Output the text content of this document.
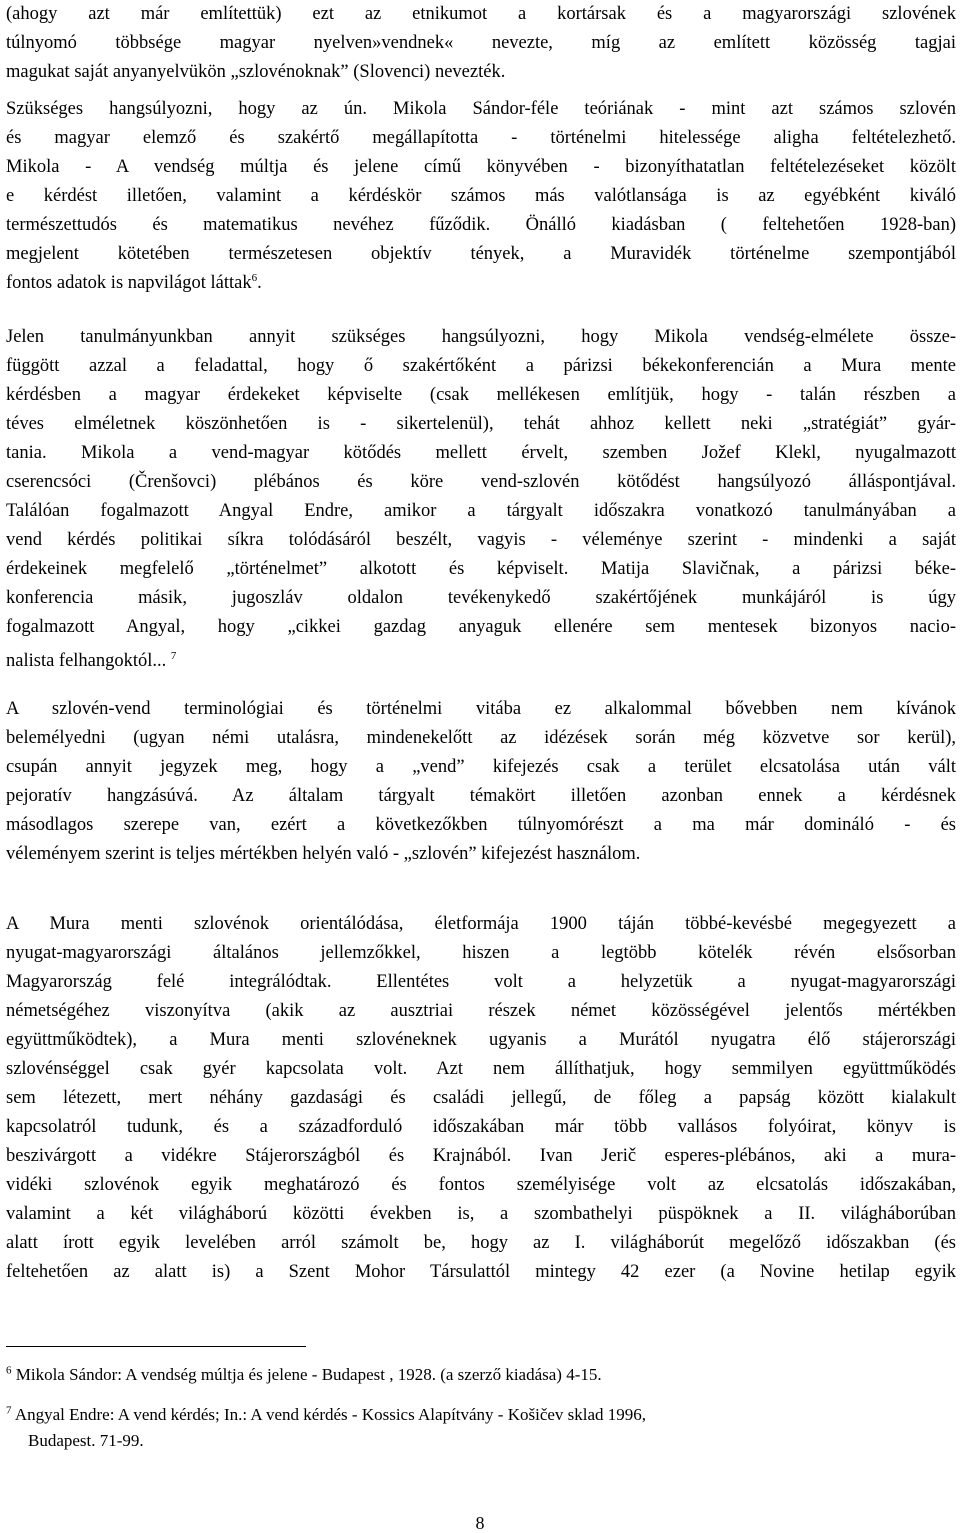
(ahogy azt már említettük) ezt az etnikumot a kortársak és a magyarországi szlovének
túlnyomó többsége magyar nyelven»vendnek« nevezte, míg az említett közösség tagjai
magukat saját anyanyelvükön „szlovénoknak” (Slovenci) nevezték.
Szükséges hangsúlyozni, hogy az ún. Mikola Sándor-féle teóriának - mint azt számos szlovén
és magyar elemző és szakértő megállapította - történelmi hitelessége aligha feltételezhető.
Mikola - A vendség múltja és jelene című könyvében - bizonyíthatatlan feltételezéseket közölt
e kérdést illetően, valamint a kérdéskör számos más valótlansága is az egyébként kiváló
természettudós és matematikus nevéhez fűződik. Önálló kiadásban ( feltehetően 1928-ban)
megjelent kötetében természetesen objektív tények, a Muravidék történelme szempontjából
fontos adatok is napvilágot láttak$^6$.
Jelen tanulmányunkban annyit szükséges hangsúlyozni, hogy Mikola vendség-elmélete össze-
függött azzal a feladattal, hogy ő szakértőként a párizsi békekonferencián a Mura mente
kérdésben a magyar érdekeket képviselte (csak mellékesen említjük, hogy - talán részben a
téves elméletnek köszönhetően is - sikertelenül), tehát ahhoz kellett neki „stratégiát” gyár-
tania. Mikola a vend-magyar kötődés mellett érvelt, szemben Jožef Klekl, nyugalmazott
cserencsóci (Črenšovci) plébános és köre vend-szlovén kötődést hangsúlyozó álláspontjával.
Találóan fogalmazott Angyal Endre, amikor a tárgyalt időszakra vonatkozó tanulmányában a
vend kérdés politikai síkra tolódásáról beszélt, vagyis - véleménye szerint - mindenki a saját
érdekeinek megfelelő „történelmet” alkotott és képviselt. Matija Slavičnak, a párizsi béke-
konferencia másik, jugoszláv oldalon tevékenykedő szakértőjének munkájáról is úgy
fogalmazott Angyal, hogy „cikkei gazdag anyaguk ellenére sem mentesek bizonyos nacio-
nalista felhangoktól... $^7$
A szlovén-vend terminológiai és történelmi vitába ez alkalommal bővebben nem kívánok
belemélyedni (ugyan némi utalásra, mindenekelőtt az idézések során még közvetve sor kerül),
csupán annyit jegyzek meg, hogy a „vend” kifejezés csak a terület elcsatolása után vált
pejoratív hangzásúvá. Az általam tárgyalt témakört illetően azonban ennek a kérdésnek
másodlagos szerepe van, ezért a következőkben túlnyomórészt a ma már domináló - és
véleményem szerint is teljes mértékben helyén való - „szlovén” kifejezést használom.
A Mura menti szlovénok orientálódása, életformája 1900 táján többé-kevésbé megegyezett a
nyugat-magyarországi általános jellemzőkkel, hiszen a legtöbb kötelék révén elsősorban
Magyarország felé integrálódtak. Ellentétes volt a helyzetük a nyugat-magyarországi
németségéhez viszonyítva (akik az ausztriai részek német közösségével jelentős mértékben
együttműködtek), a Mura menti szlovéneknek ugyanis a Murától nyugatra élő stájerországi
szlovénséggel csak gyér kapcsolata volt. Azt nem állíthatjuk, hogy semmilyen együttműködés
sem létezett, mert néhány gazdasági és családi jellegű, de főleg a papság között kialakult
kapcsolatról tudunk, és a századforduló időszakában már több vallásos folyóirat, könyv is
beszivárgott a vidékre Stájerországból és Krajnából. Ivan Jerič esperes-plébános, aki a mura-
vidéki szlovénok egyik meghatározó és fontos személyisége volt az elcsatolás időszakában,
valamint a két világháború közötti években is, a szombathelyi püspöknek a II. világháborúban
alatt írott egyik levelében arról számolt be, hogy az I. világháborút megelőző időszakban (és
feltehetően az alatt is) a Szent Mohor Társulattól mintegy 42 ezer (a Novine hetilap egyik
$^6$ Mikola Sándor: A vendség múltja és jelene - Budapest , 1928. (a szerző kiadása) 4-15.
$^7$ Angyal Endre: A vend kérdés; In.: A vend kérdés - Kossics Alapítvány - Košičev sklad 1996,
Budapest. 71-99.
8
